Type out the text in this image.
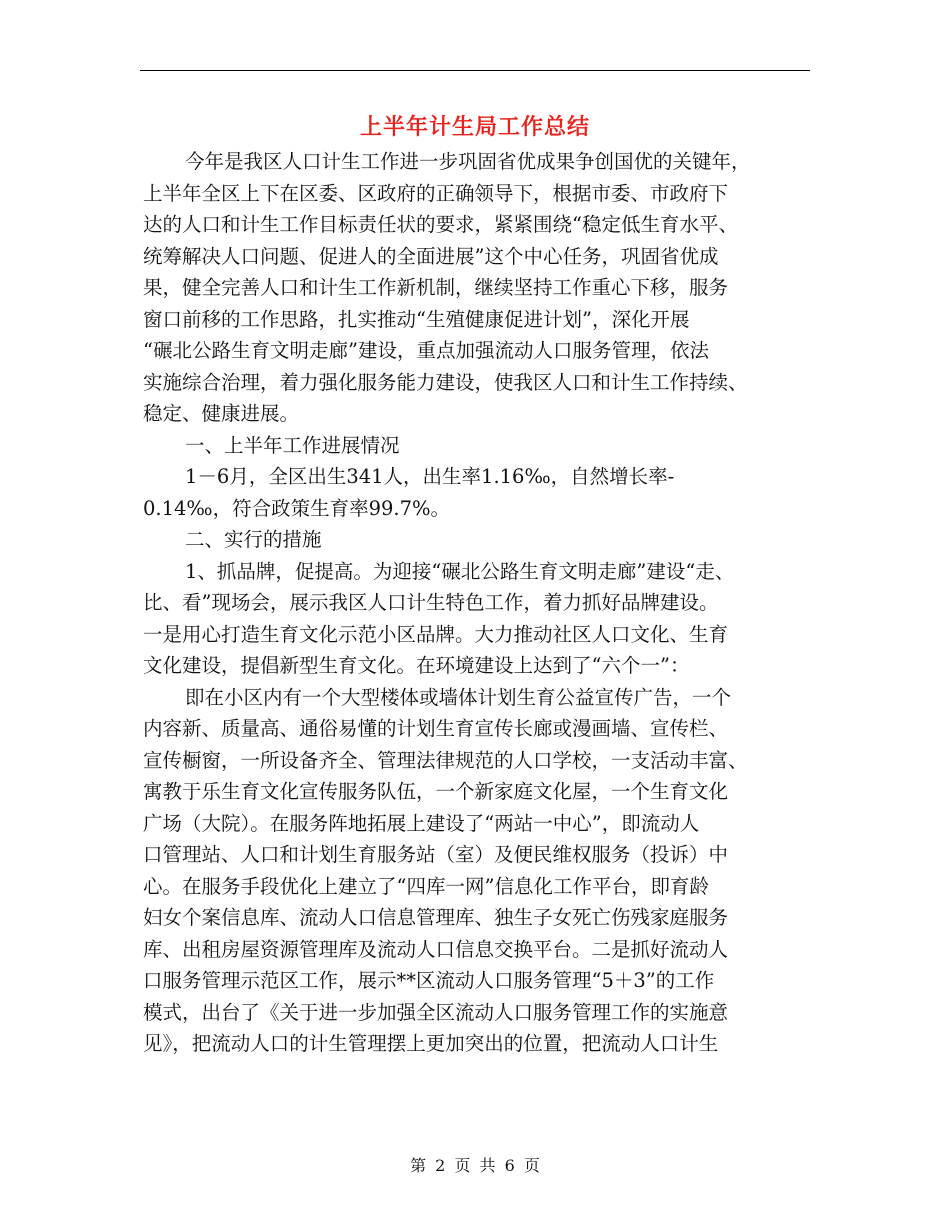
上半年计生局工作总结
今年是我区人口计生工作进一步巩固省优成果争创国优的关键年，
上半年全区上下在区委、区政府的正确领导下，根据市委、市政府下
达的人口和计生工作目标责任状的要求，紧紧围绕“稳定低生育水平、
统筹解决人口问题、促进人的全面进展”这个中心任务，巩固省优成
果，健全完善人口和计生工作新机制，继续坚持工作重心下移，服务
窗口前移的工作思路，扎实推动“生殖健康促进计划”，深化开展
“碾北公路生育文明走廊”建设，重点加强流动人口服务管理，依法
实施综合治理，着力强化服务能力建设，使我区人口和计生工作持续、
稳定、健康进展。
一、上半年工作进展情况
1－6月，全区出生341人，出生率1.16‰，自然增长率-
0.14‰，符合政策生育率99.7%。
二、实行的措施
1、抓品牌，促提高。为迎接“碾北公路生育文明走廊”建设“走、
比、看”现场会，展示我区人口计生特色工作，着力抓好品牌建设。
一是用心打造生育文化示范小区品牌。大力推动社区人口文化、生育
文化建设，提倡新型生育文化。在环境建设上达到了“六个一”：
即在小区内有一个大型楼体或墙体计划生育公益宣传广告，一个
内容新、质量高、通俗易懂的计划生育宣传长廊或漫画墙、宣传栏、
宣传橱窗，一所设备齐全、管理法律规范的人口学校，一支活动丰富、
寓教于乐生育文化宣传服务队伍，一个新家庭文化屋，一个生育文化
广场（大院）。在服务阵地拓展上建设了“两站一中心”，即流动人
口管理站、人口和计划生育服务站（室）及便民维权服务（投诉）中
心。在服务手段优化上建立了“四库一网”信息化工作平台，即育龄
妇女个案信息库、流动人口信息管理库、独生子女死亡伤残家庭服务
库、出租房屋资源管理库及流动人口信息交换平台。二是抓好流动人
口服务管理示范区工作，展示**区流动人口服务管理“5＋3”的工作
模式，出台了《关于进一步加强全区流动人口服务管理工作的实施意
见》，把流动人口的计生管理摆上更加突出的位置，把流动人口计生
第 2 页 共 6 页
